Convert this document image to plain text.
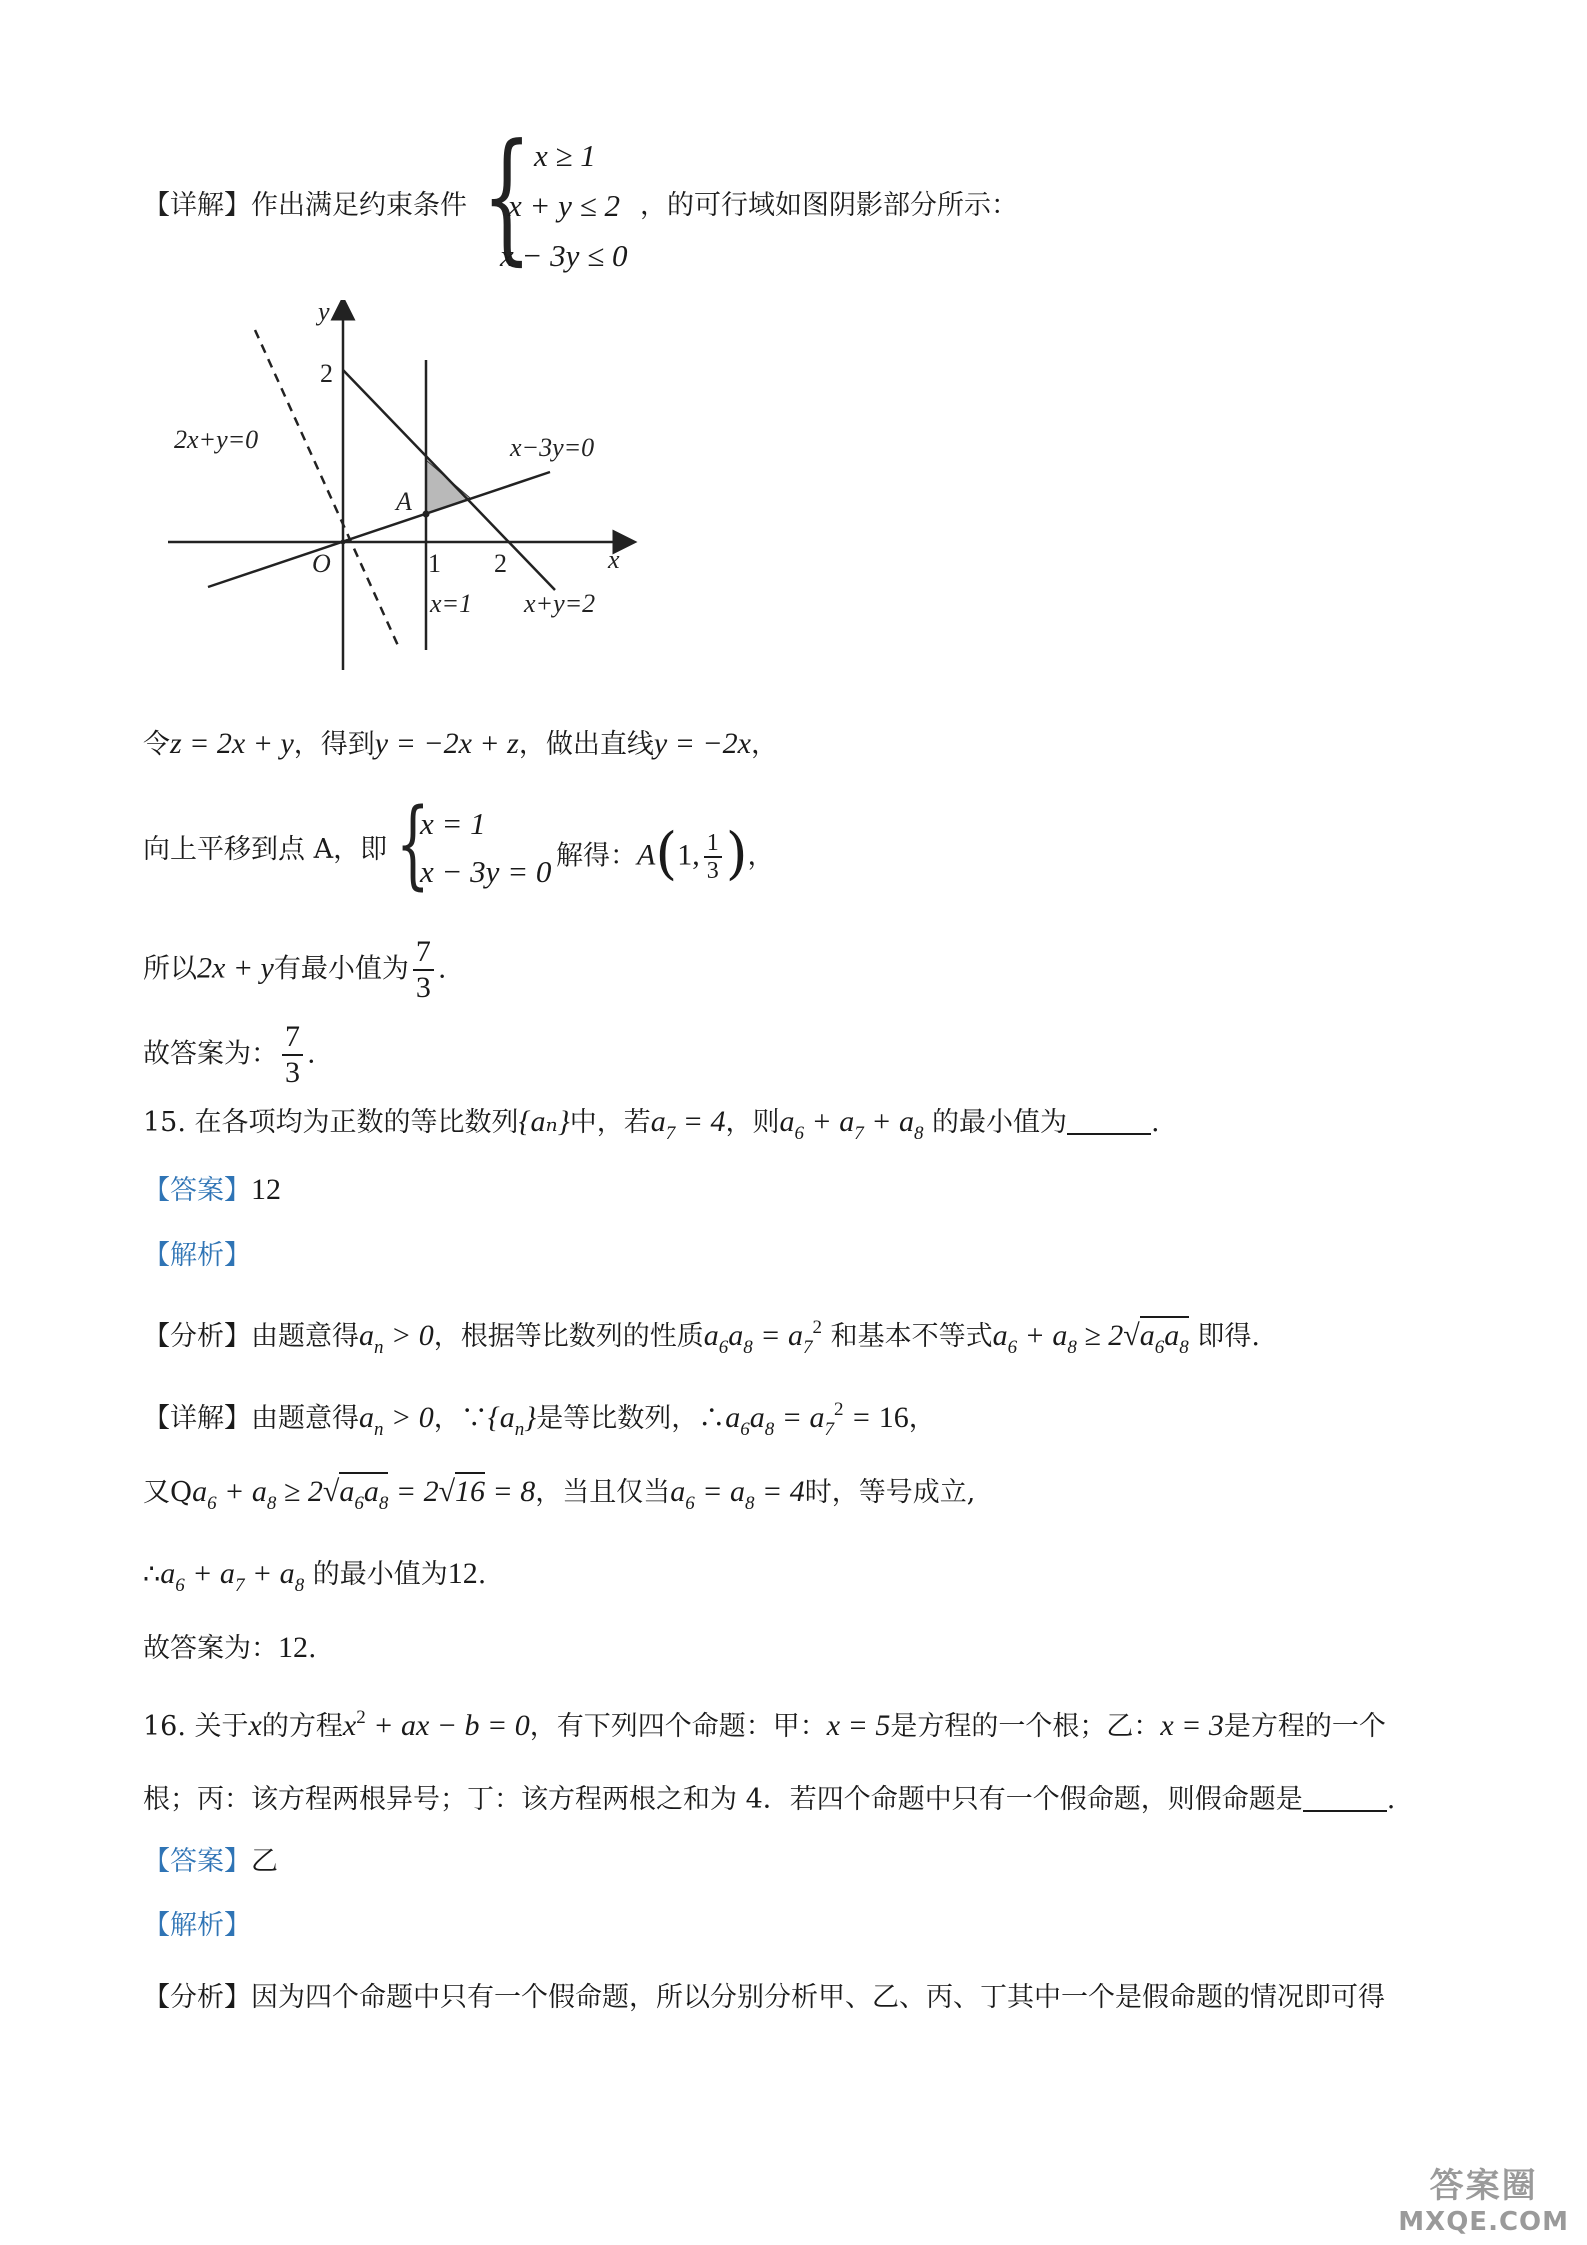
【详解】作出满足约束条件 { x ≥ 1
x + y ≤ 2
x − 3y ≤ 0
，的可行域如图阴影部分所示：
y
x
O
A
2x+y=0	x−3y=0
x=1 x+y=2
1 2
2
令z = 2x + y，得到y = −2x + z，做出直线y = −2x，
向上平移到点 A，即 {
x = 1
x − 3y = 0 解得：A(1, $\frac{1}{3}$ )，
所以2x + y有最小值为 $\frac{7}{3}$ .
故答案为： $\frac{7}{3}$ .
15. 在各项均为正数的等比数列{aₙ}中，若$a_7 = 4$，则$a_6 + a_7 + a_8$ 的最小值为	.
【答案】12
【解析】
【分析】由题意得$a_n > 0$，根据等比数列的性质$a_6a_8 = a_7^2$ 和基本不等式$a_6 + a_8 \ge 2√a_6a_8$ 即得.
【详解】由题意得$a_n > 0$，$\because\{a_n\}$是等比数列，$\therefore a_6a_8 = a_7^2 = 16$，
又$Qa_6 + a_8 \ge 2√a_6a_8 = 2√16 = 8$，当且仅当$a_6 = a_8 = 4$时，等号成立,
$\therefore a_6 + a_7 + a_8$ 的最小值为12.
故答案为：12.
16. 关于x的方程$x^2$ + ax − b = 0，有下列四个命题：甲：x = 5是方程的一个根；乙：x = 3是方程的一个
根；丙：该方程两根异号；丁：该方程两根之和为 4．若四个命题中只有一个假命题，则假命题是	.
【答案】乙
【解析】
【分析】因为四个命题中只有一个假命题，所以分别分析甲、乙、丙、丁其中一个是假命题的情况即可得
答案圈
MXQE.COM
